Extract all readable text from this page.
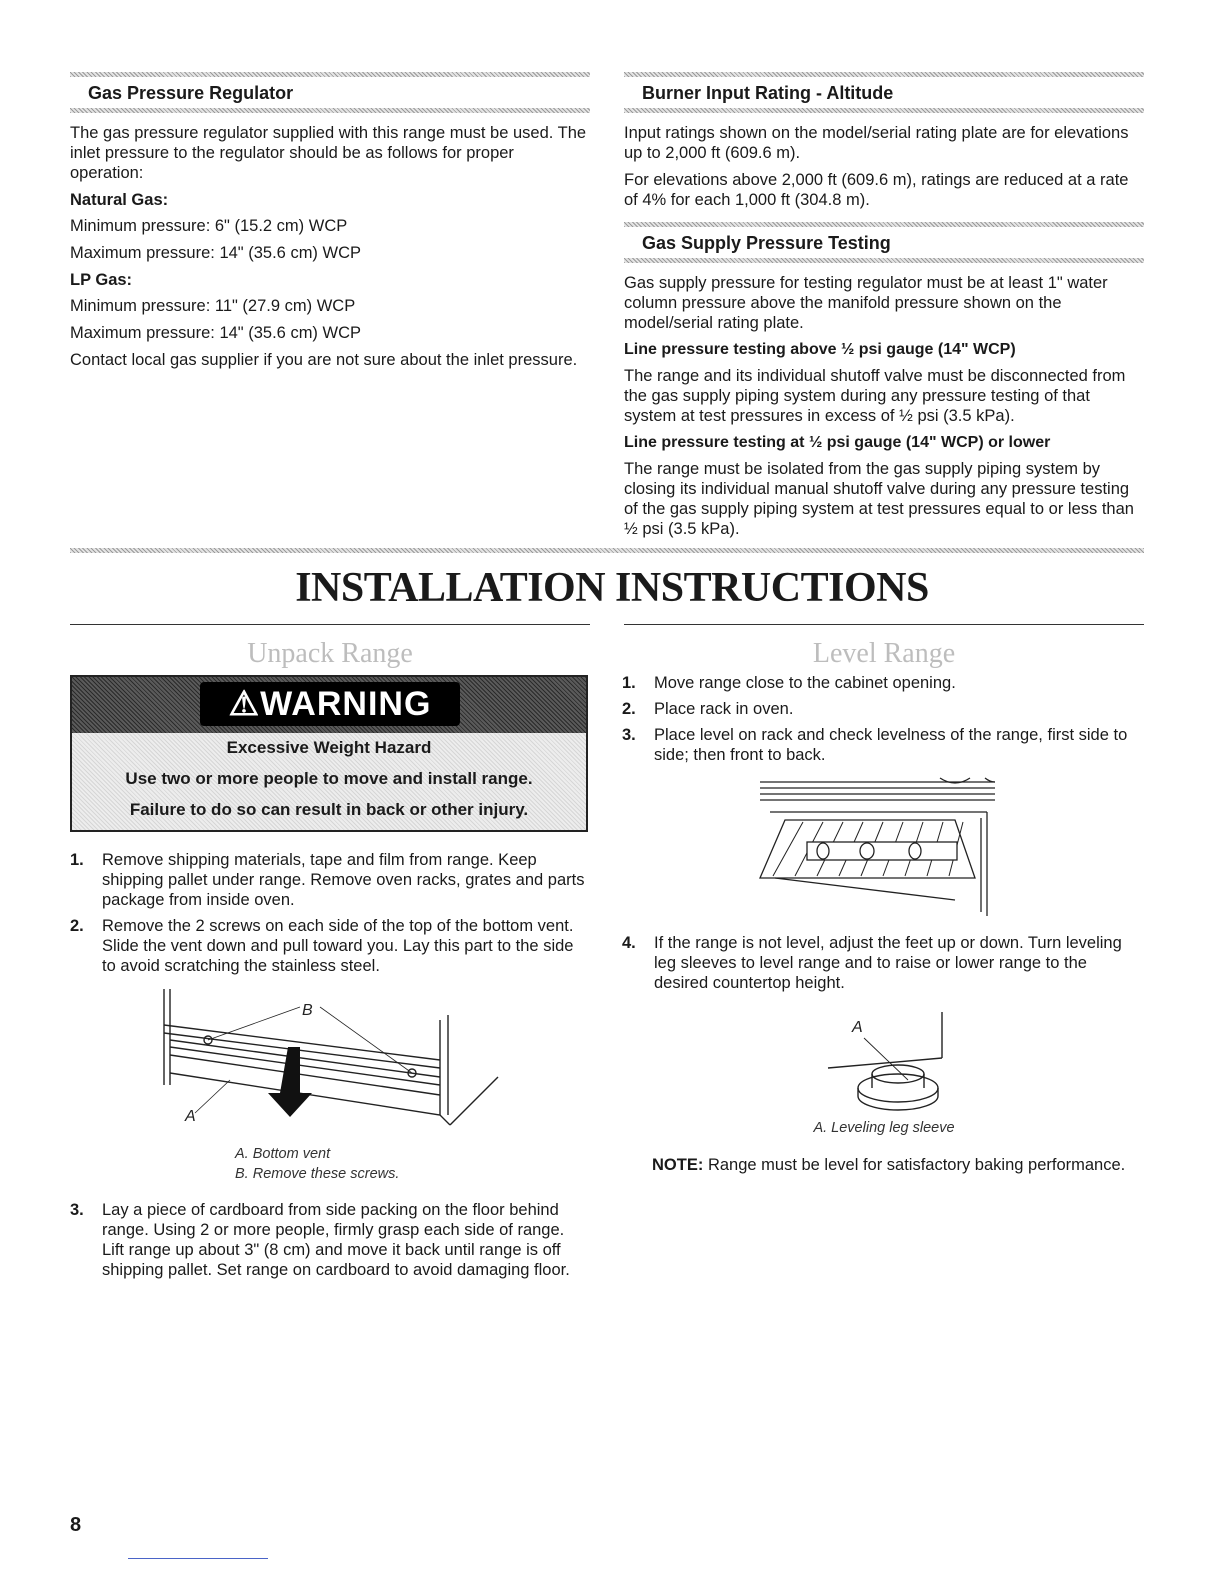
Gas Pressure Regulator

The gas pressure regulator supplied with this range must be used. The inlet pressure to the regulator should be as follows for proper operation:

Natural Gas:

Minimum pressure: 6" (15.2 cm) WCP

Maximum pressure: 14" (35.6 cm) WCP

LP Gas:

Minimum pressure: 11" (27.9 cm) WCP

Maximum pressure: 14" (35.6 cm) WCP

Contact local gas supplier if you are not sure about the inlet pressure.

Burner Input Rating - Altitude

Input ratings shown on the model/serial rating plate are for elevations up to 2,000 ft (609.6 m).

For elevations above 2,000 ft (609.6 m), ratings are reduced at a rate of 4% for each 1,000 ft (304.8 m).

Gas Supply Pressure Testing

Gas supply pressure for testing regulator must be at least 1" water column pressure above the manifold pressure shown on the model/serial rating plate.

Line pressure testing above ½ psi gauge (14" WCP)

The range and its individual shutoff valve must be disconnected from the gas supply piping system during any pressure testing of that system at test pressures in excess of ½ psi (3.5 kPa).

Line pressure testing at ½ psi gauge (14" WCP) or lower

The range must be isolated from the gas supply piping system by closing its individual manual shutoff valve during any pressure testing of the gas supply piping system at test pressures equal to or less than ½ psi (3.5 kPa).

INSTALLATION INSTRUCTIONS
Unpack Range
⚠WARNING
Excessive Weight Hazard
Use two or more people to move and install range.
Failure to do so can result in back or other injury.
1. Remove shipping materials, tape and film from range. Keep shipping pallet under range. Remove oven racks, grates and parts package from inside oven.
2. Remove the 2 screws on each side of the top of the bottom vent. Slide the vent down and pull toward you. Lay this part to the side to avoid scratching the stainless steel.
B
A
A. Bottom vent
B. Remove these screws.
3. Lay a piece of cardboard from side packing on the floor behind range. Using 2 or more people, firmly grasp each side of range. Lift range up about 3" (8 cm) and move it back until range is off shipping pallet. Set range on cardboard to avoid damaging floor.
Level Range
1. Move range close to the cabinet opening.
2. Place rack in oven.
3. Place level on rack and check levelness of the range, first side to side; then front to back.
4. If the range is not level, adjust the feet up or down. Turn leveling leg sleeves to level range and to raise or lower range to the desired countertop height.
A
A. Leveling leg sleeve

NOTE: Range must be level for satisfactory baking performance.

8
